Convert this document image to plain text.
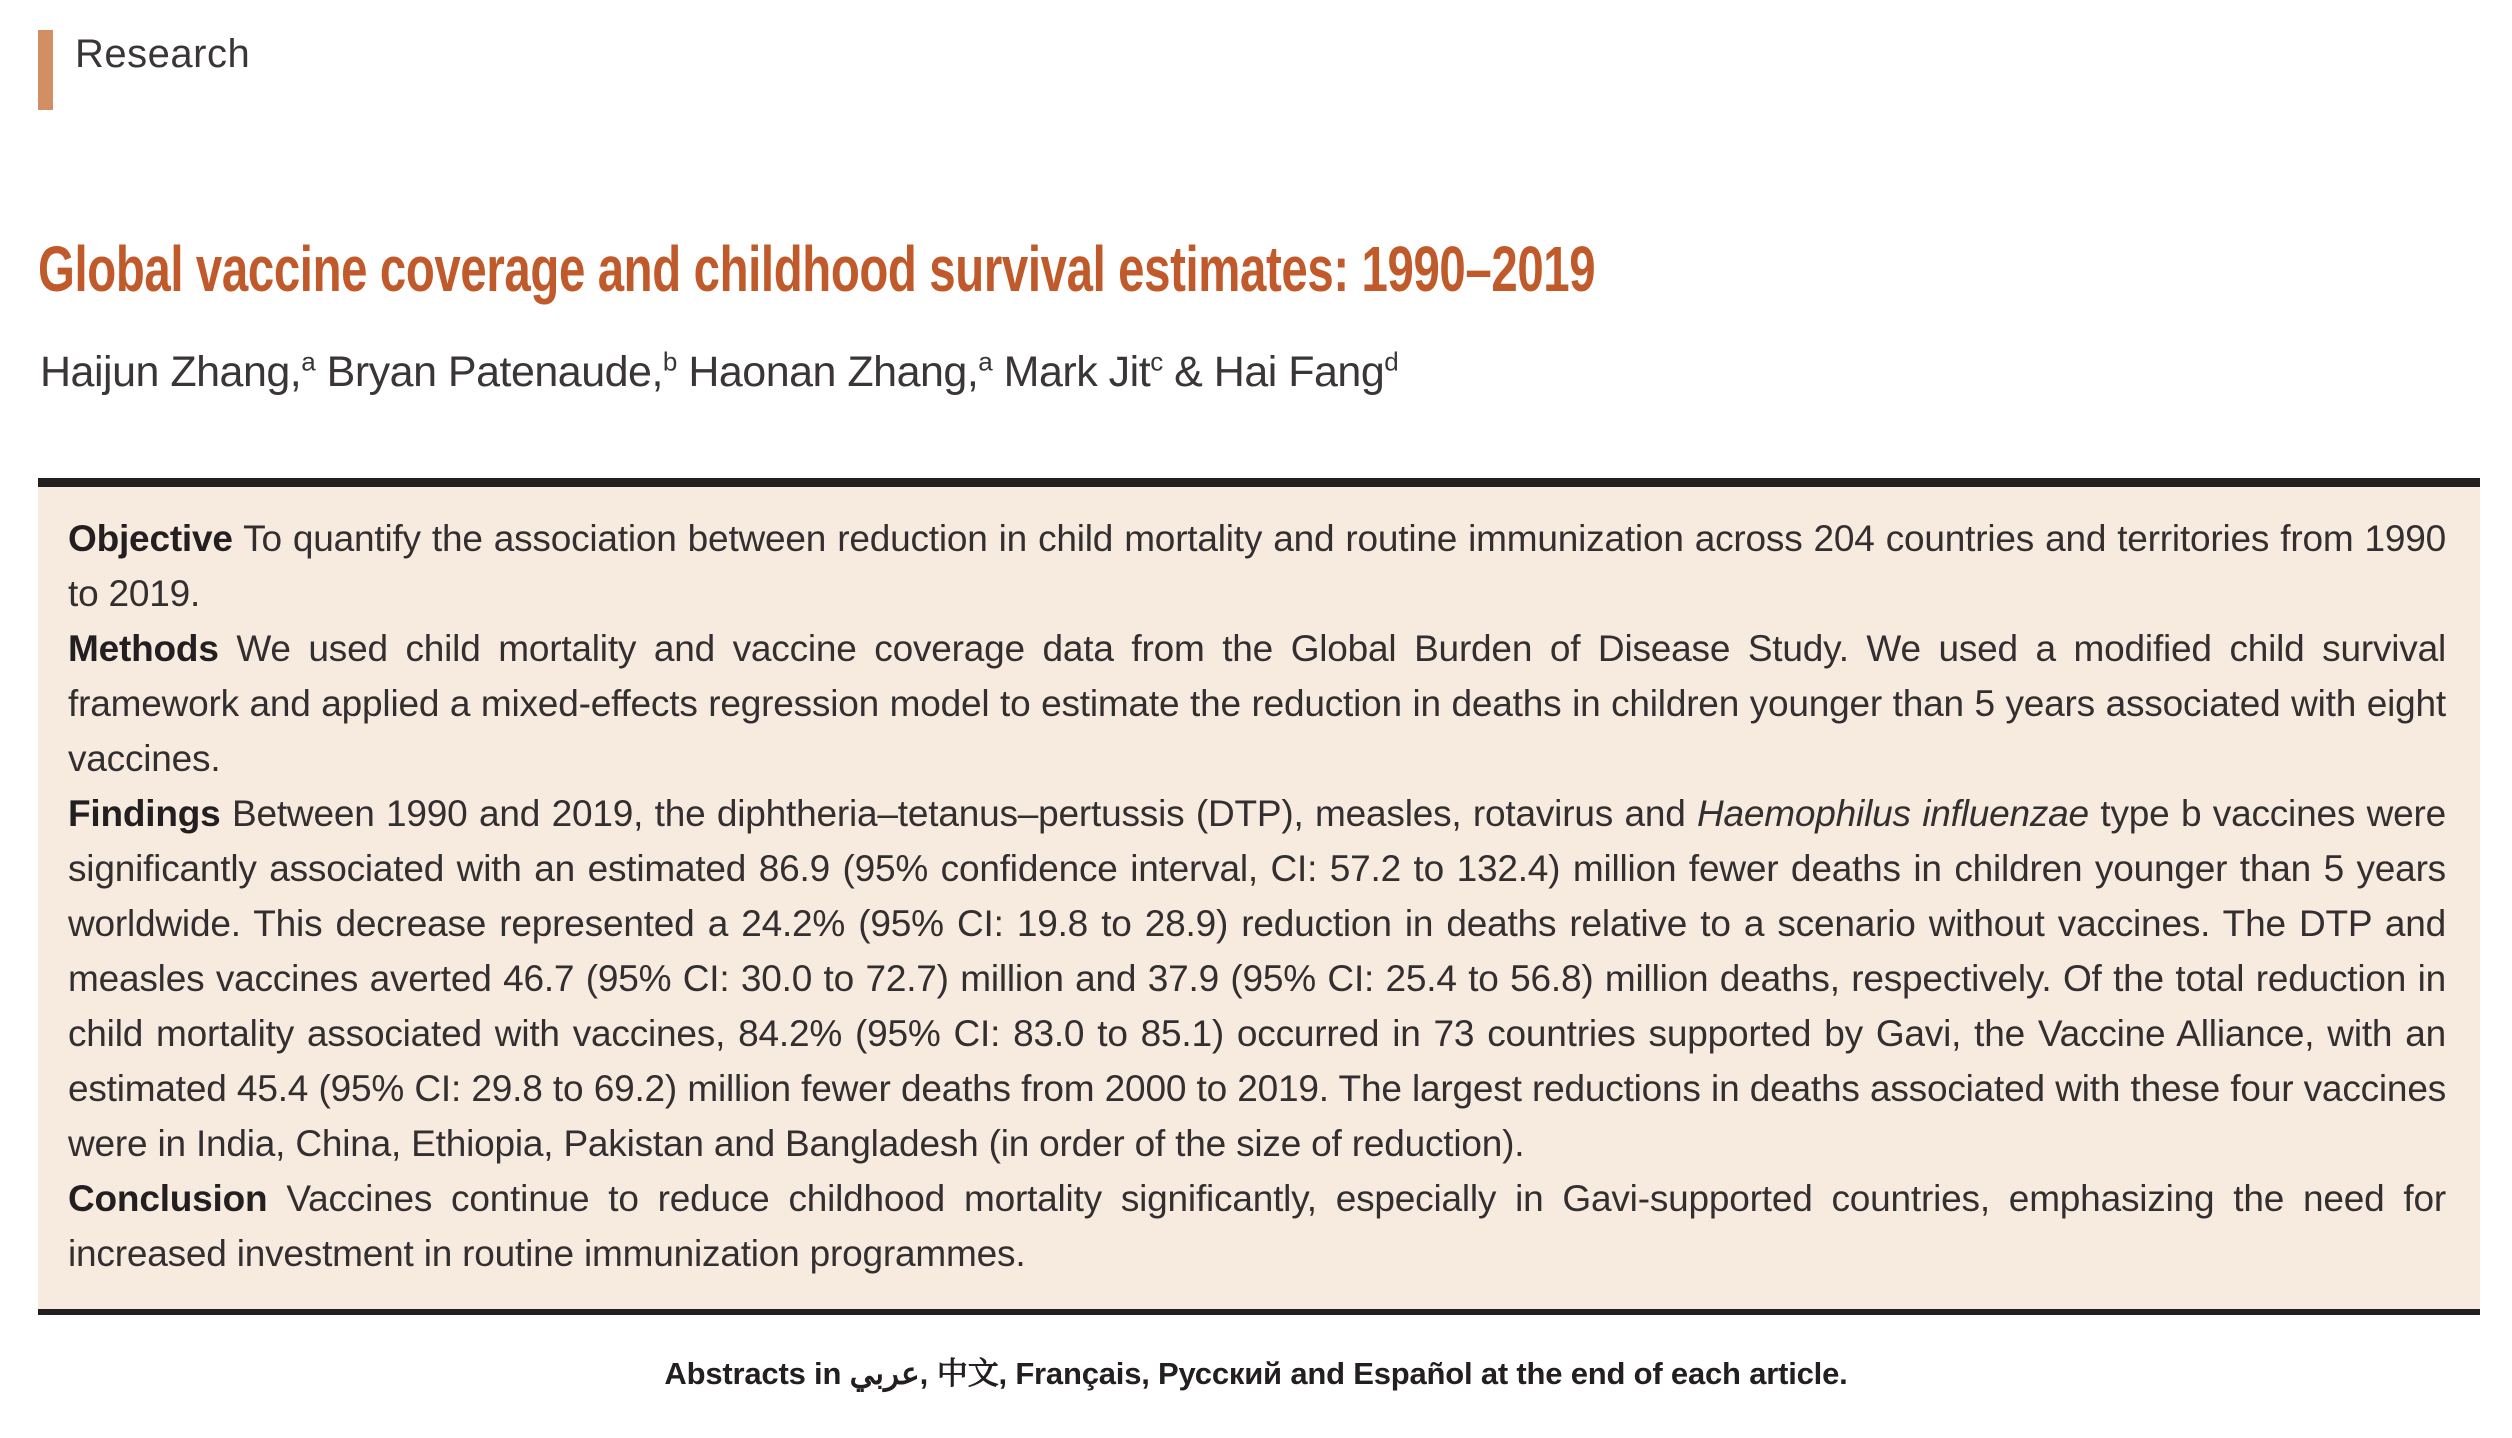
Research
Global vaccine coverage and childhood survival estimates: 1990–2019
Haijun Zhang,$^a$ Bryan Patenaude,$^b$ Haonan Zhang,$^a$ Mark Jit$^c$ & Hai Fang$^d$

Objective To quantify the association between reduction in child mortality and routine immunization across 204 countries and territories from 1990 to 2019.

Methods We used child mortality and vaccine coverage data from the Global Burden of Disease Study. We used a modified child survival framework and applied a mixed-effects regression model to estimate the reduction in deaths in children younger than 5 years associated with eight vaccines.

Findings Between 1990 and 2019, the diphtheria–tetanus–pertussis (DTP), measles, rotavirus and Haemophilus influenzae type b vaccines were significantly associated with an estimated 86.9 (95% confidence interval, CI: 57.2 to 132.4) million fewer deaths in children younger than 5 years worldwide. This decrease represented a 24.2% (95% CI: 19.8 to 28.9) reduction in deaths relative to a scenario without vaccines. The DTP and measles vaccines averted 46.7 (95% CI: 30.0 to 72.7) million and 37.9 (95% CI: 25.4 to 56.8) million deaths, respectively. Of the total reduction in child mortality associated with vaccines, 84.2% (95% CI: 83.0 to 85.1) occurred in 73 countries supported by Gavi, the Vaccine Alliance, with an estimated 45.4 (95% CI: 29.8 to 69.2) million fewer deaths from 2000 to 2019. The largest reductions in deaths associated with these four vaccines were in India, China, Ethiopia, Pakistan and Bangladesh (in order of the size of reduction).

Conclusion Vaccines continue to reduce childhood mortality significantly, especially in Gavi-supported countries, emphasizing the need for increased investment in routine immunization programmes.

Abstracts in عربي, 中文, Français, Русский and Español at the end of each article.
